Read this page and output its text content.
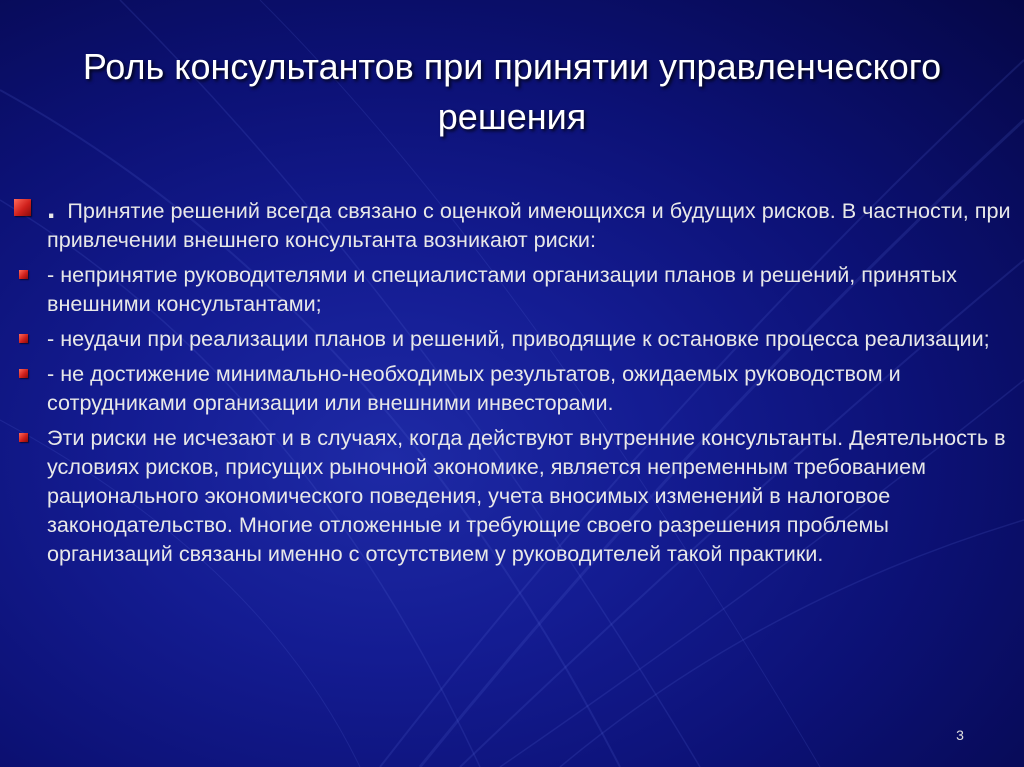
Роль консультантов при принятии управленческого решения
. Принятие решений всегда связано с оценкой имеющихся и будущих рисков. В частности, при привлечении внешнего консультанта возникают риски:
- непринятие руководителями и специалистами организации планов и решений, принятых внешними консультантами;
- неудачи при реализации планов и решений, приводящие к остановке процесса реализации;
- не достижение минимально-необходимых результатов, ожидаемых руководством и сотрудниками организации или внешними инвесторами.
Эти риски не исчезают и в случаях, когда действуют внутренние консультанты. Деятельность в условиях рисков, присущих рыночной экономике, является непременным требованием рационального экономического поведения, учета вносимых изменений в налоговое законодательство. Многие отложенные и требующие своего разрешения проблемы организаций связаны именно с отсутствием у руководителей такой практики.
3
